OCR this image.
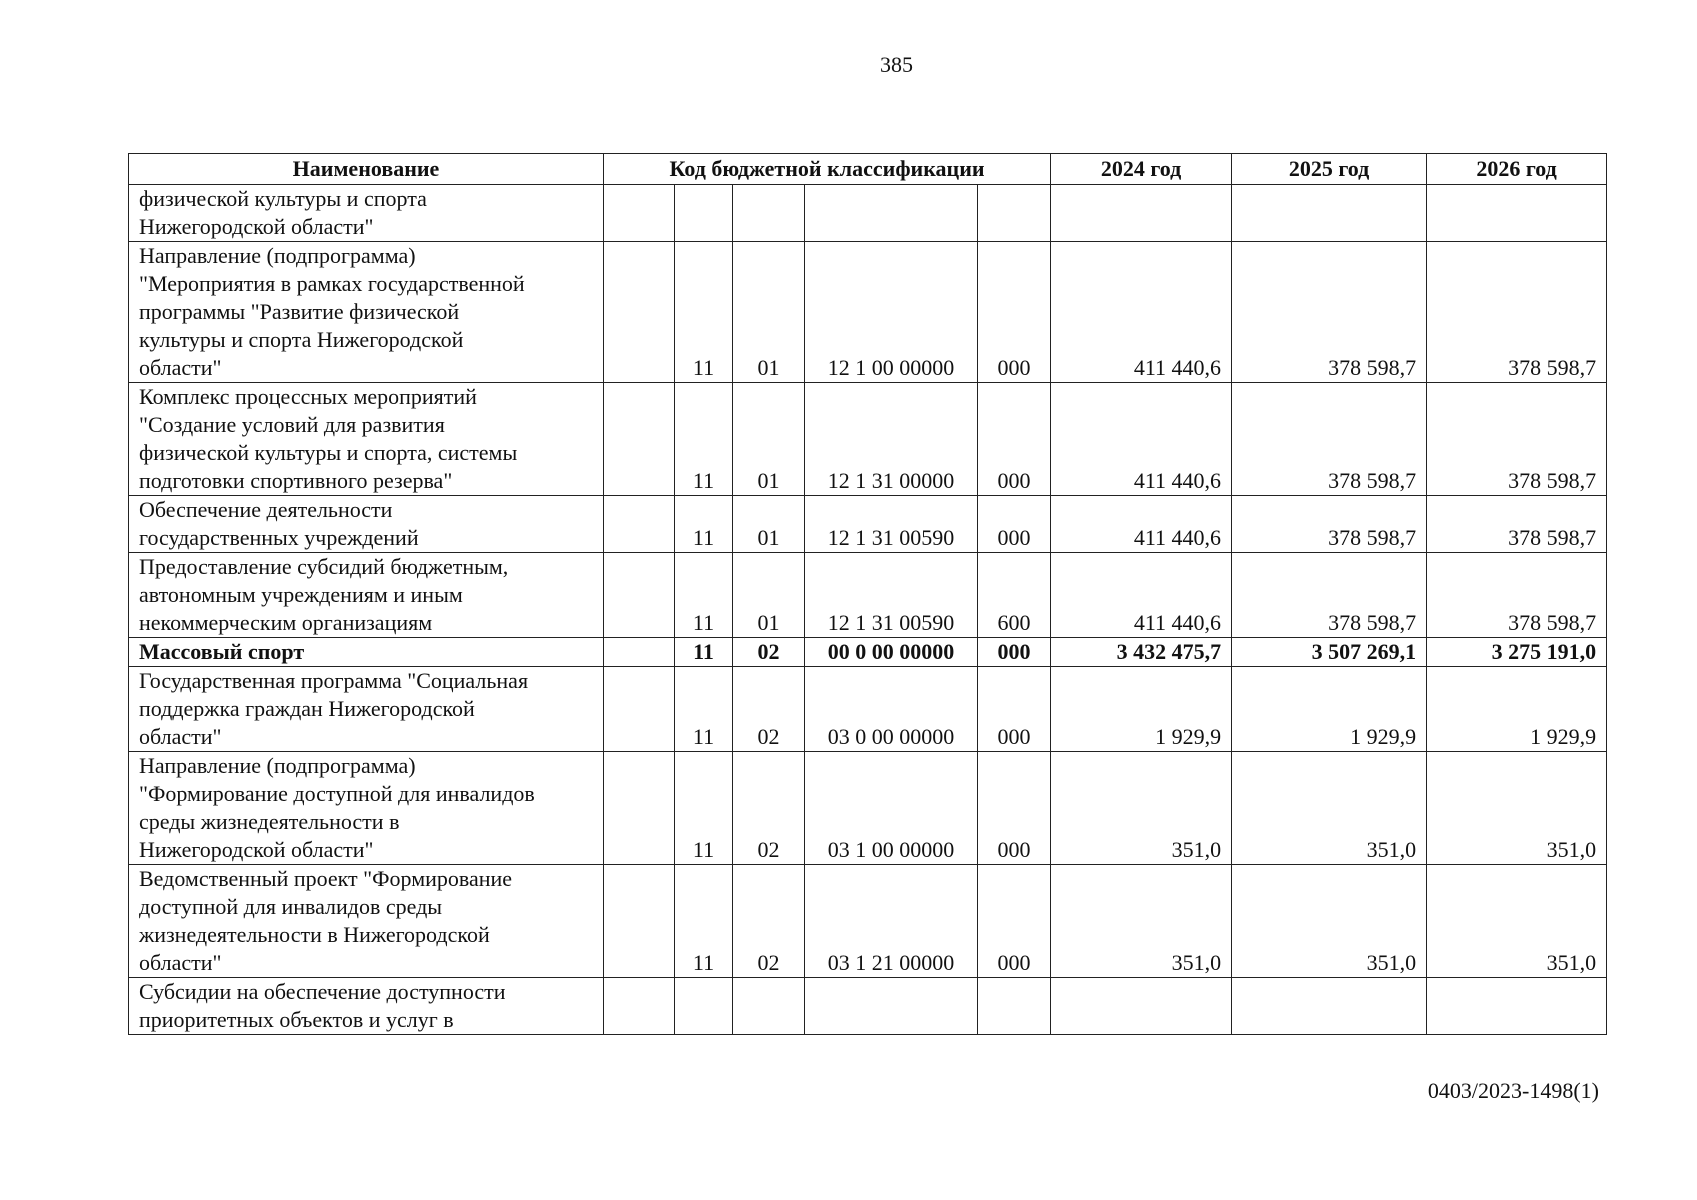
385
Наименование	Код бюджетной классификации					2024 год	2025 год	2026 год
физической культуры и спорта
Нижегородской области"								
Направление (подпрограмма)
"Мероприятия в рамках государственной
программы "Развитие физической
культуры и спорта Нижегородской
области"		11	01	12 1 00 00000	000	411 440,6	378 598,7	378 598,7
Комплекс процессных мероприятий
"Создание условий для развития
физической культуры и спорта, системы
подготовки спортивного резерва"		11	01	12 1 31 00000	000	411 440,6	378 598,7	378 598,7
Обеспечение деятельности
государственных учреждений		11	01	12 1 31 00590	000	411 440,6	378 598,7	378 598,7
Предоставление субсидий бюджетным,
автономным учреждениям и иным
некоммерческим организациям		11	01	12 1 31 00590	600	411 440,6	378 598,7	378 598,7
Массовый спорт		11	02	00 0 00 00000	000	3 432 475,7	3 507 269,1	3 275 191,0
Государственная программа "Социальная
поддержка граждан Нижегородской
области"		11	02	03 0 00 00000	000	1 929,9	1 929,9	1 929,9
Направление (подпрограмма)
"Формирование доступной для инвалидов
среды жизнедеятельности в
Нижегородской области"		11	02	03 1 00 00000	000	351,0	351,0	351,0
Ведомственный проект "Формирование
доступной для инвалидов среды
жизнедеятельности в Нижегородской
области"		11	02	03 1 21 00000	000	351,0	351,0	351,0
Субсидии на обеспечение доступности
приоритетных объектов и услуг в								
0403/2023-1498(1)
